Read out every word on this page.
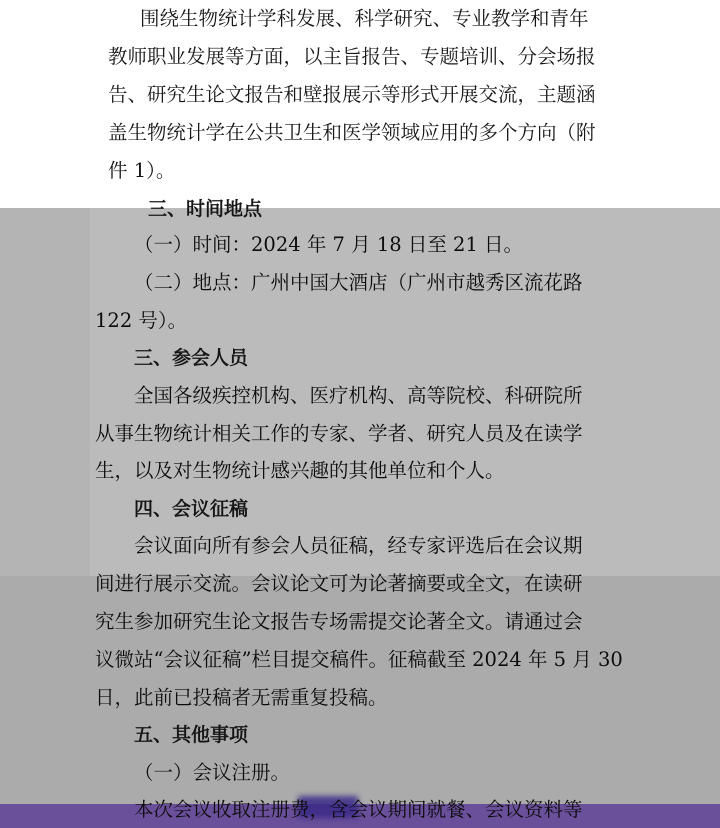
围绕生物统计学科发展、科学研究、专业教学和青年
教师职业发展等方面，以主旨报告、专题培训、分会场报
告、研究生论文报告和壁报展示等形式开展交流，主题涵
盖生物统计学在公共卫生和医学领域应用的多个方向（附
件 1）。
三、时间地点
（一）时间：2024 年 7 月 18 日至 21 日。
（二）地点：广州中国大酒店（广州市越秀区流花路
122 号）。
三、参会人员
全国各级疾控机构、医疗机构、高等院校、科研院所
从事生物统计相关工作的专家、学者、研究人员及在读学
生，以及对生物统计感兴趣的其他单位和个人。
四、会议征稿
会议面向所有参会人员征稿，经专家评选后在会议期
间进行展示交流。会议论文可为论著摘要或全文，在读研
究生参加研究生论文报告专场需提交论著全文。请通过会
议微站“会议征稿”栏目提交稿件。征稿截至 2024 年 5 月 30
日，此前已投稿者无需重复投稿。
五、其他事项
（一）会议注册。
本次会议收取注册费，含会议期间就餐、会议资料等
